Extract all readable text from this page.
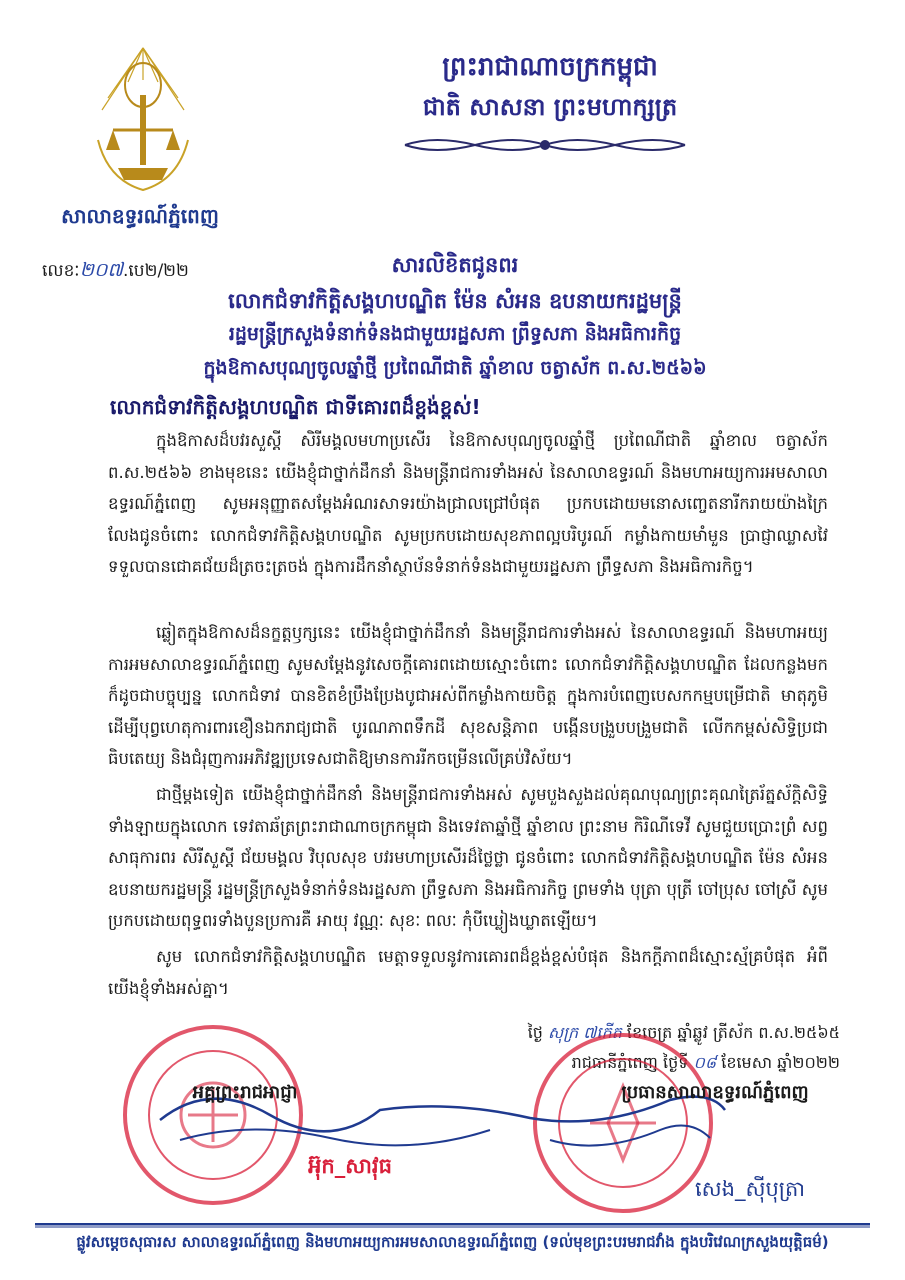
សាលាឧទ្ធរណ៍ភ្នំពេញ
ព្រះរាជាណាចក្រកម្ពុជា
ជាតិ សាសនា ព្រះមហាក្សត្រ
លេខៈ២០៧.បេ២/២២	សារលិខិតជូនពរ
លោកជំទាវកិត្តិសង្គហបណ្ឌិត ម៉ែន សំអន ឧបនាយករដ្ឋមន្ត្រី
រដ្ឋមន្ត្រីក្រសួងទំនាក់ទំនងជាមួយរដ្ឋសភា ព្រឹទ្ធសភា និងអធិការកិច្ច
ក្នុងឱកាសបុណ្យចូលឆ្នាំថ្មី ប្រពៃណីជាតិ ឆ្នាំខាល ចត្វាស័ក ព.ស.២៥៦៦
លោកជំទាវកិត្តិសង្គហបណ្ឌិត ជាទីគោរពដ៏ខ្ពង់ខ្ពស់!
ក្នុងឱកាសដ៏បវរសួស្តី សិរីមង្គលមហាប្រសើរ នៃឱកាសបុណ្យចូលឆ្នាំថ្មី ប្រពៃណីជាតិ ឆ្នាំខាល ចត្វាស័ក ព.ស.២៥៦៦ ខាងមុខនេះ យើងខ្ញុំជាថ្នាក់ដឹកនាំ និងមន្ត្រីរាជការទាំងអស់ នៃសាលាឧទ្ធរណ៍ និងមហាអយ្យការអមសាលាឧទ្ធរណ៍ភ្នំពេញ សូមអនុញ្ញាតសម្តែងអំណរសាទរយ៉ាងជ្រាលជ្រៅបំផុត ប្រកបដោយមនោសញ្ចេតនារីករាយយ៉ាងក្រៃលែងជូនចំពោះ លោកជំទាវកិត្តិសង្គហបណ្ឌិត សូមប្រកបដោយសុខភាពល្អបរិបូរណ៍ កម្លាំងកាយមាំមួន ប្រាជ្ញាឈ្លាសវៃ ទទួលបានជោគជ័យដ៏ត្រចះត្រចង់ ក្នុងការដឹកនាំស្ថាប័នទំនាក់ទំនងជាមួយរដ្ឋសភា ព្រឹទ្ធសភា និងអធិការកិច្ច។
ឆ្លៀតក្នុងឱកាសដ៏នក្ខត្តឫក្សនេះ យើងខ្ញុំជាថ្នាក់ដឹកនាំ និងមន្ត្រីរាជការទាំងអស់ នៃសាលាឧទ្ធរណ៍ និងមហាអយ្យការអមសាលាឧទ្ធរណ៍ភ្នំពេញ សូមសម្តែងនូវសេចក្តីគោរពដោយស្មោះចំពោះ លោកជំទាវកិត្តិសង្គហបណ្ឌិត ដែលកន្លងមកក៏ដូចជាបច្ចុប្បន្ន លោកជំទាវ បានខិតខំប្រឹងប្រែងបូជាអស់ពីកម្លាំងកាយចិត្ត ក្នុងការបំពេញបេសកកម្មបម្រើជាតិ មាតុភូមិ ដើម្បីបុព្វហេតុការពារខឿនឯករាជ្យជាតិ បូរណភាពទឹកដី សុខសន្តិភាព បង្កើនបង្រួបបង្រួមជាតិ លើកកម្ពស់សិទ្ធិប្រជាធិបតេយ្យ និងជំរុញការអភិវឌ្ឍប្រទេសជាតិឱ្យមានការរីកចម្រើនលើគ្រប់វិស័យ។
ជាថ្មីម្តងទៀត យើងខ្ញុំជាថ្នាក់ដឹកនាំ និងមន្ត្រីរាជការទាំងអស់ សូមបួងសួងដល់គុណបុណ្យព្រះគុណត្រៃរ័ត្នស័ក្តិសិទ្ធិទាំងឡាយក្នុងលោក ទេវតាឆ័ត្រព្រះរាជាណាចក្រកម្ពុជា និងទេវតាឆ្នាំថ្មី ឆ្នាំខាល ព្រះនាម កិរិណីទេវី សូមជួយប្រោះព្រំ សព្វសាធុការពរ សិរីសួស្តី ជ័យមង្គល វិបុលសុខ បវរមហាប្រសើរដ៏ថ្លៃថ្លា ជូនចំពោះ លោកជំទាវកិត្តិសង្គហបណ្ឌិត ម៉ែន សំអន ឧបនាយករដ្ឋមន្ត្រី រដ្ឋមន្ត្រីក្រសួងទំនាក់ទំនងរដ្ឋសភា ព្រឹទ្ធសភា និងអធិការកិច្ច ព្រមទាំង បុត្រា បុត្រី ចៅប្រុស ចៅស្រី សូមប្រកបដោយពុទ្ធពរទាំងបួនប្រការគឺ អាយុ វណ្ណៈ សុខៈ ពលៈ កុំបីឃ្លៀងឃ្លាតឡើយ។
សូម លោកជំទាវកិត្តិសង្គហបណ្ឌិត មេត្តាទទួលនូវការគោរពដ៏ខ្ពង់ខ្ពស់បំផុត និងកក្តីភាពដ៏ស្មោះស្ម័គ្របំផុត អំពីយើងខ្ញុំទាំងអស់គ្នា។
ថ្ងៃ សុក្រ ៧កើត ខែចេត្រ ឆ្នាំឆ្លូវ ត្រីស័ក ព.ស.២៥៦៥
រាជធានីភ្នំពេញ ថ្ងៃទី ០៨ ខែមេសា ឆ្នាំ២០២២
អគ្គព្រះរាជអាជ្ញា	ប្រធានសាលាឧទ្ធរណ៍ភ្នំពេញ
អ៊ុក_សាវុធ
សេង_ស៊ីបុត្រា
ផ្លូវសម្តេចសុធារស សាលាឧទ្ធរណ៍ភ្នំពេញ និងមហាអយ្យការអមសាលាឧទ្ធរណ៍ភ្នំពេញ (ទល់មុខព្រះបរមរាជវាំង ក្នុងបរិវេណក្រសួងយុត្តិធម៌)
